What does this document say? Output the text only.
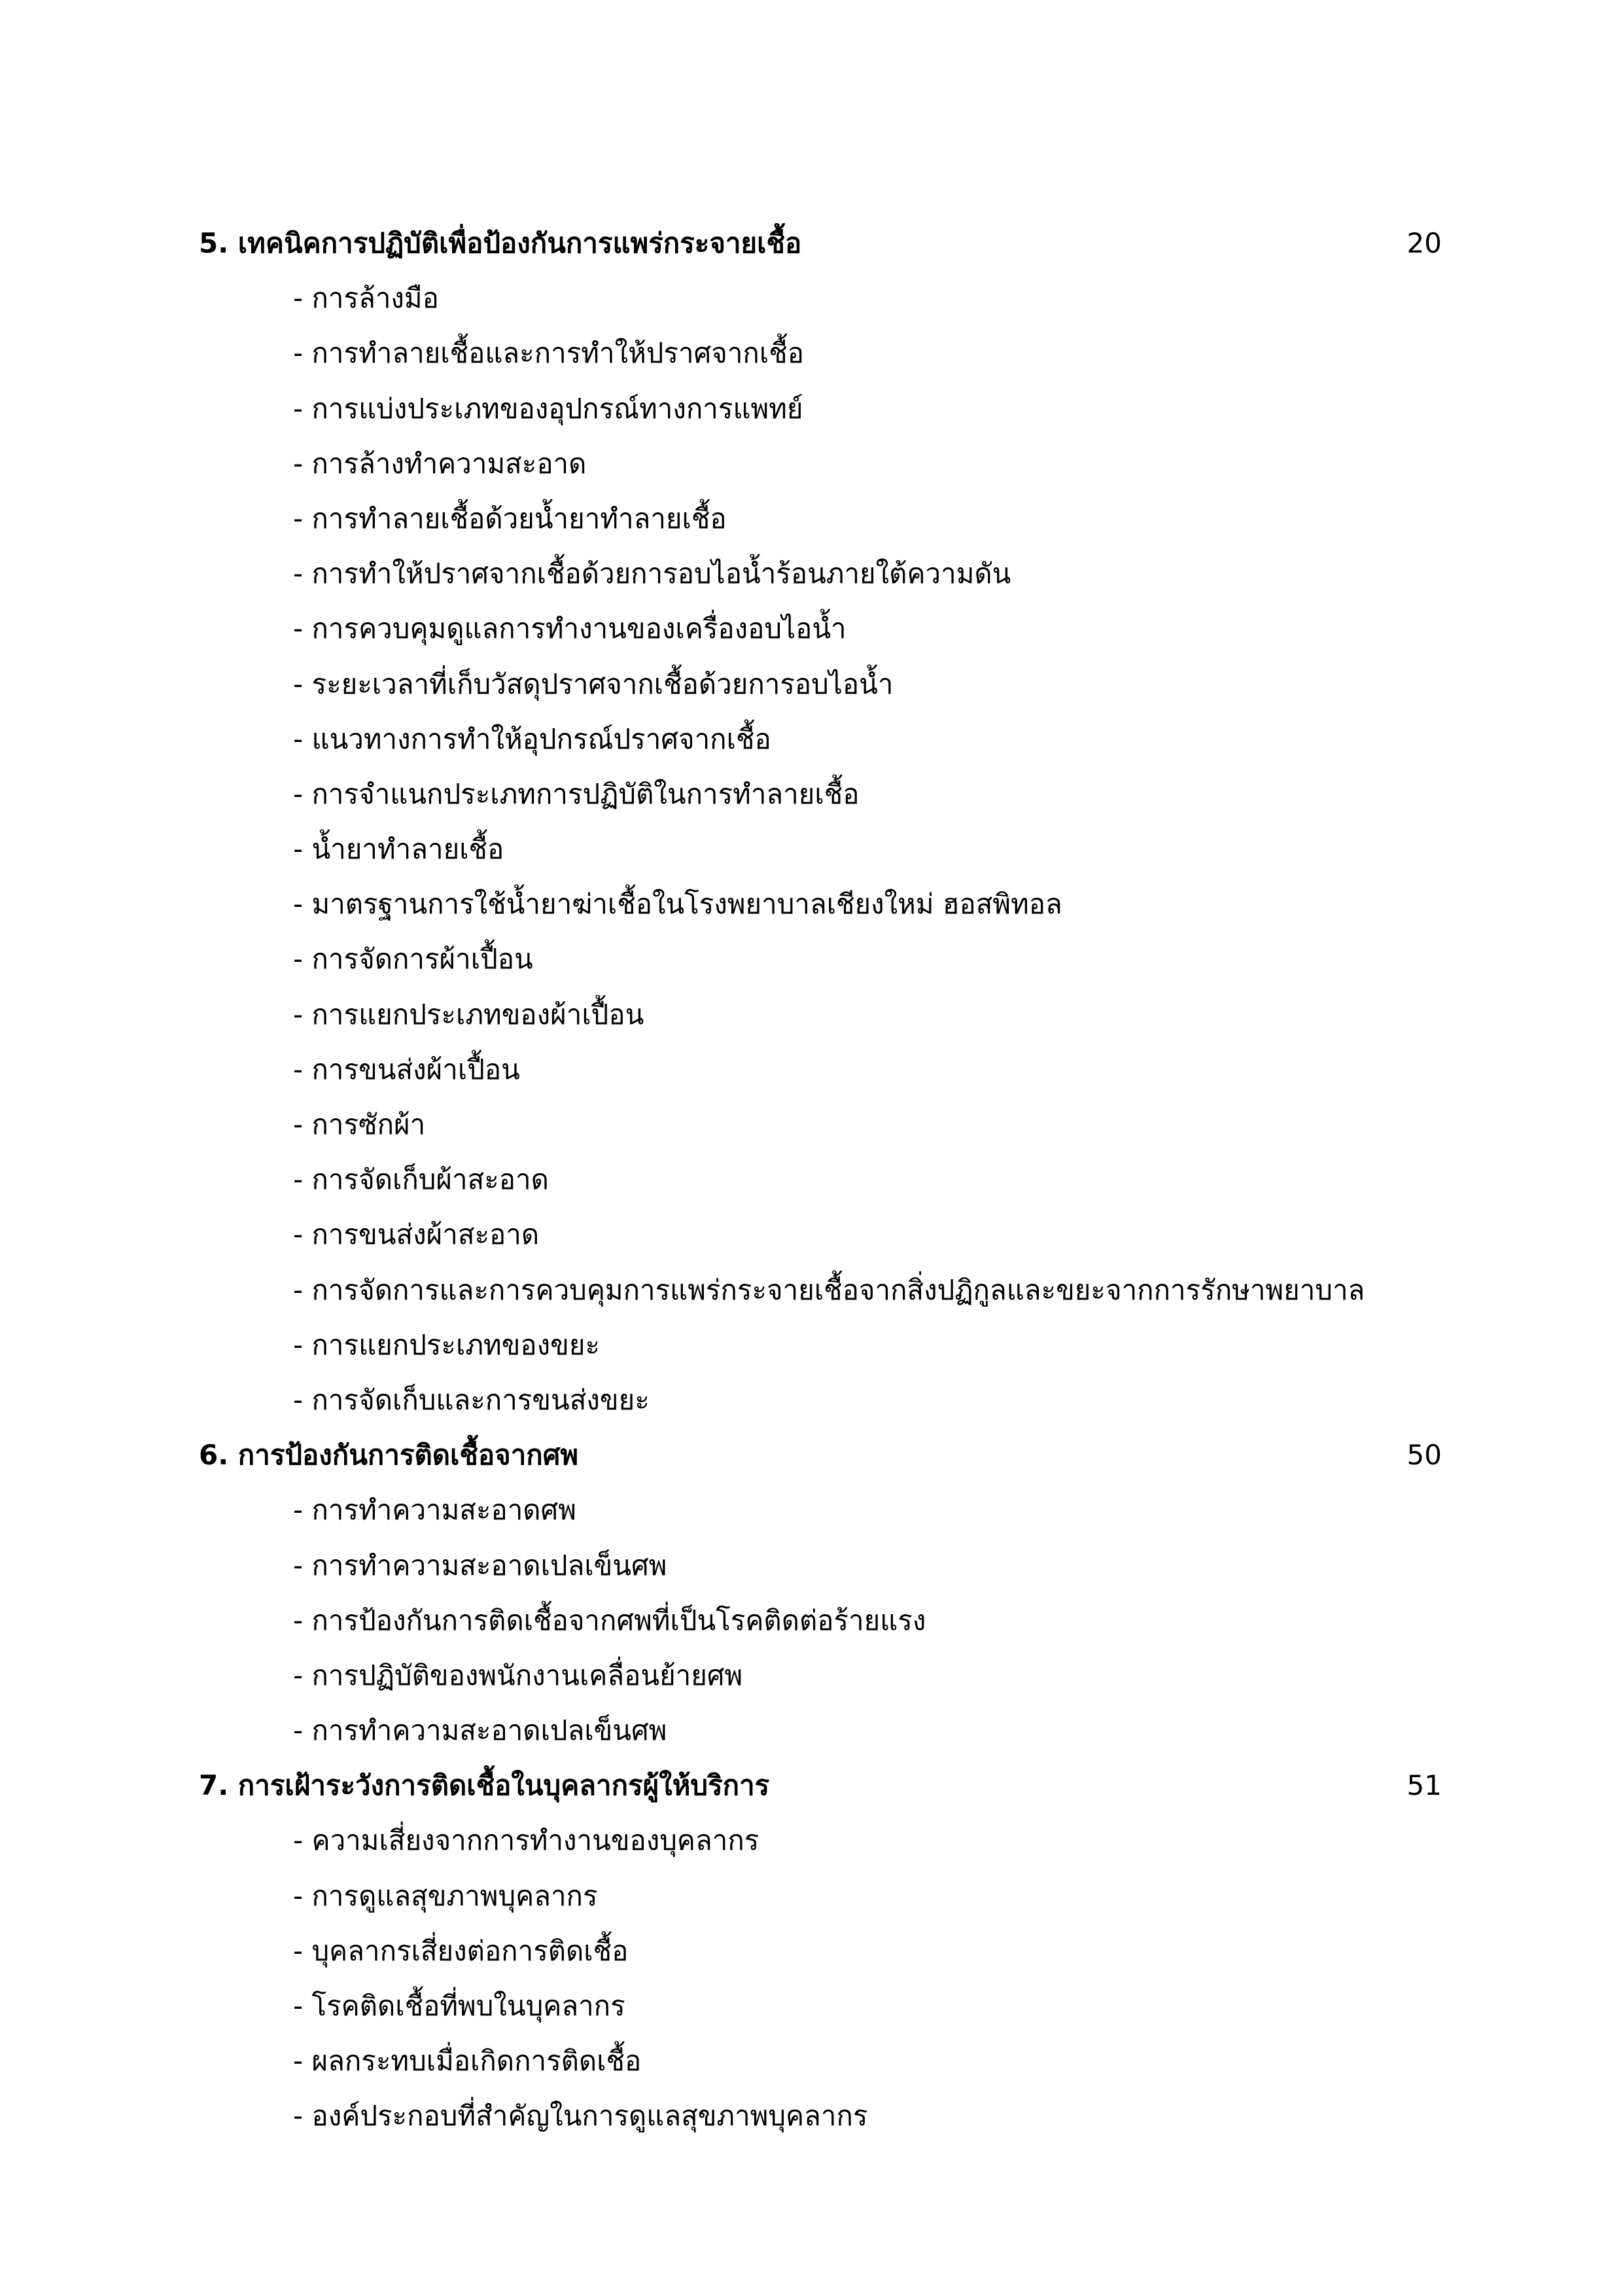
5. เทคนิคการปฏิบัติเพื่อป้องกันการแพร่กระจายเชื้อ	20
- การล้างมือ
- การทำลายเชื้อและการทำให้ปราศจากเชื้อ
- การแบ่งประเภทของอุปกรณ์ทางการแพทย์
- การล้างทำความสะอาด
- การทำลายเชื้อด้วยน้ำยาทำลายเชื้อ
- การทำให้ปราศจากเชื้อด้วยการอบไอน้ำร้อนภายใต้ความดัน
- การควบคุมดูแลการทำงานของเครื่องอบไอน้ำ
- ระยะเวลาที่เก็บวัสดุปราศจากเชื้อด้วยการอบไอน้ำ
- แนวทางการทำให้อุปกรณ์ปราศจากเชื้อ
- การจำแนกประเภทการปฏิบัติในการทำลายเชื้อ
- น้ำยาทำลายเชื้อ
- มาตรฐานการใช้น้ำยาฆ่าเชื้อในโรงพยาบาลเชียงใหม่ ฮอสพิทอล
- การจัดการผ้าเปื้อน
- การแยกประเภทของผ้าเปื้อน
- การขนส่งผ้าเปื้อน
- การซักผ้า
- การจัดเก็บผ้าสะอาด
- การขนส่งผ้าสะอาด
- การจัดการและการควบคุมการแพร่กระจายเชื้อจากสิ่งปฏิกูลและขยะจากการรักษาพยาบาล
- การแยกประเภทของขยะ
- การจัดเก็บและการขนส่งขยะ
6. การป้องกันการติดเชื้อจากศพ	50
- การทำความสะอาดศพ
- การทำความสะอาดเปลเข็นศพ
- การป้องกันการติดเชื้อจากศพที่เป็นโรคติดต่อร้ายแรง
- การปฏิบัติของพนักงานเคลื่อนย้ายศพ
- การทำความสะอาดเปลเข็นศพ
7. การเฝ้าระวังการติดเชื้อในบุคลากรผู้ให้บริการ	51
- ความเสี่ยงจากการทำงานของบุคลากร
- การดูแลสุขภาพบุคลากร
- บุคลากรเสี่ยงต่อการติดเชื้อ
- โรคติดเชื้อที่พบในบุคลากร
- ผลกระทบเมื่อเกิดการติดเชื้อ
- องค์ประกอบที่สำคัญในการดูแลสุขภาพบุคลากร
